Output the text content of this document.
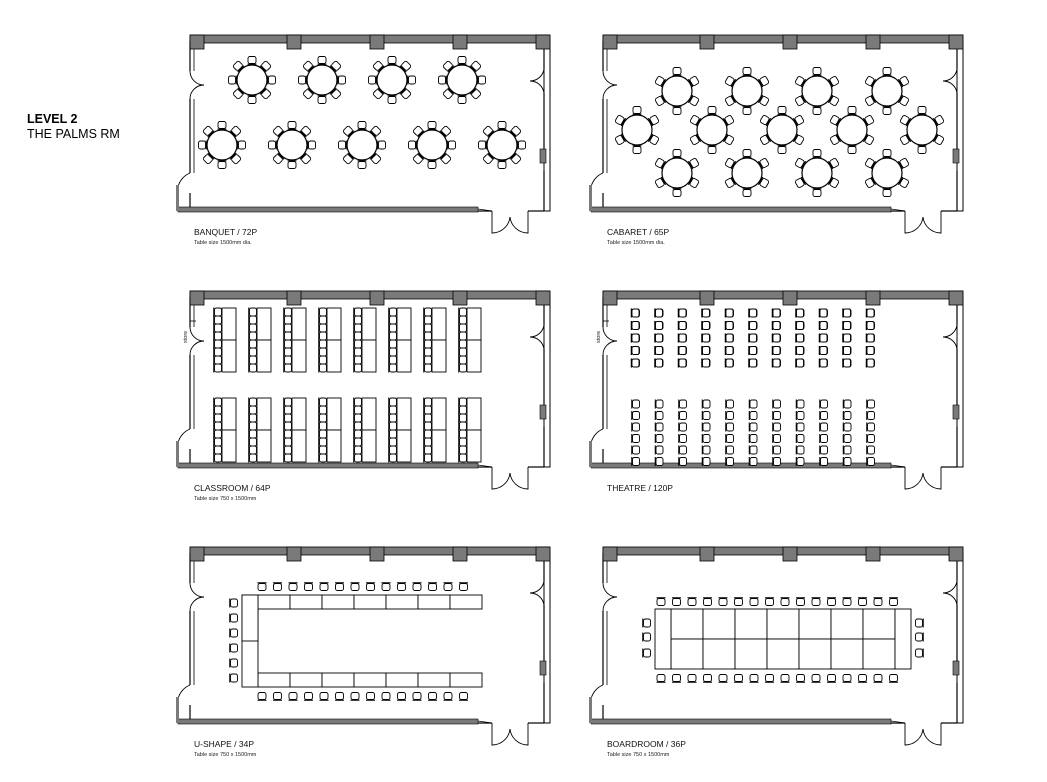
LEVEL 2
THE PALMS RM
BANQUET / 72P
Table size 1500mm dia.
CABARET / 65P
Table size 1500mm dia.
CLASSROOM / 64P
Table size 750 x 1500mm
store
THEATRE / 120P
store
U-SHAPE / 34P
Table size 750 x 1500mm
BOARDROOM / 36P
Table size 750 x 1500mm
